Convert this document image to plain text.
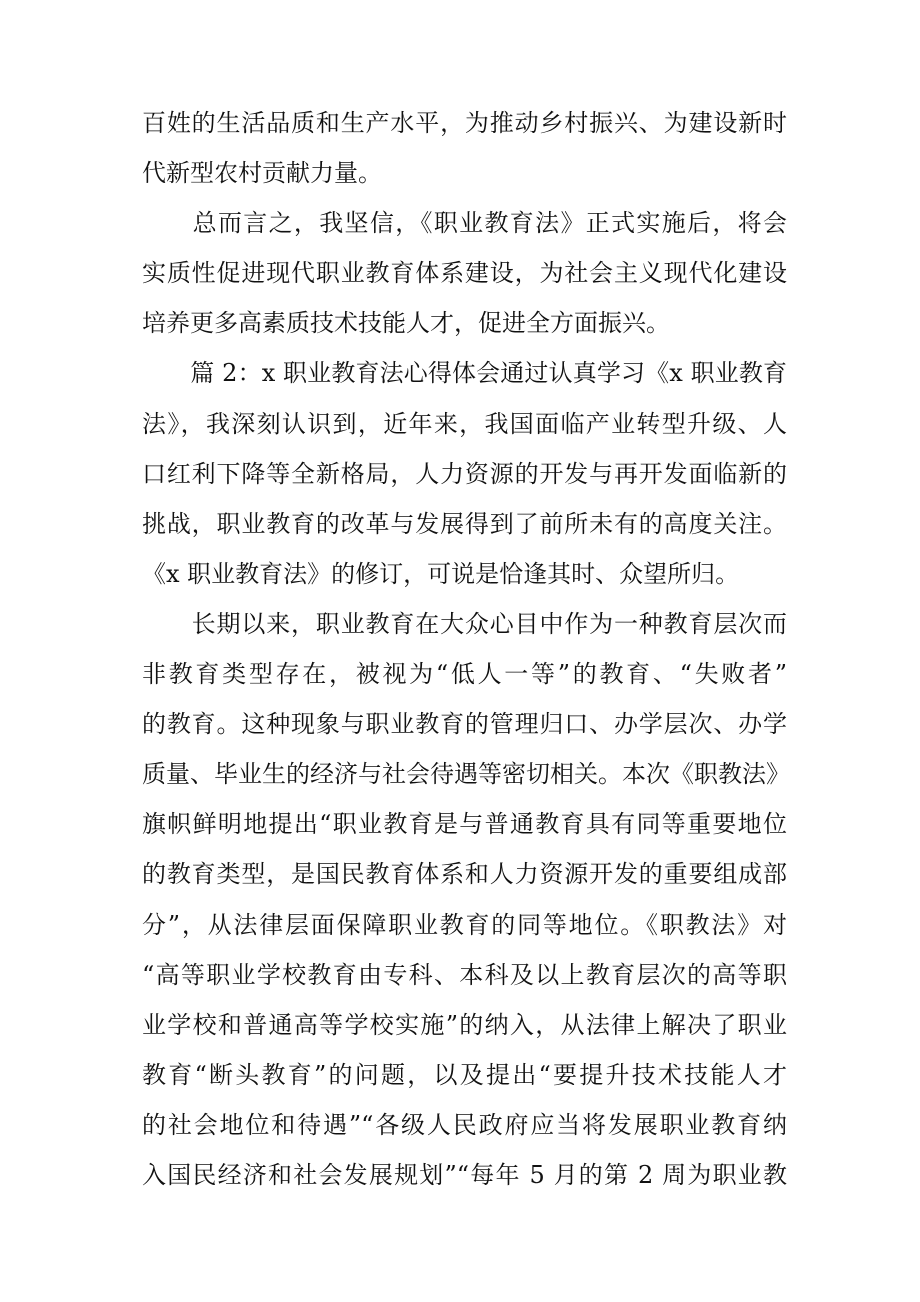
百姓的生活品质和生产水平，为推动乡村振兴、为建设新时
代新型农村贡献力量。
　　总而言之，我坚信，《职业教育法》正式实施后，将会
实质性促进现代职业教育体系建设，为社会主义现代化建设
培养更多高素质技术技能人才，促进全方面振兴。
　　篇 2：x 职业教育法心得体会通过认真学习《x 职业教育
法》，我深刻认识到，近年来，我国面临产业转型升级、人
口红利下降等全新格局，人力资源的开发与再开发面临新的
挑战，职业教育的改革与发展得到了前所未有的高度关注。
《x 职业教育法》的修订，可说是恰逢其时、众望所归。
　　长期以来，职业教育在大众心目中作为一种教育层次而
非教育类型存在，被视为“低人一等”的教育、“失败者”
的教育。这种现象与职业教育的管理归口、办学层次、办学
质量、毕业生的经济与社会待遇等密切相关。本次《职教法》
旗帜鲜明地提出“职业教育是与普通教育具有同等重要地位
的教育类型，是国民教育体系和人力资源开发的重要组成部
分”，从法律层面保障职业教育的同等地位。《职教法》对
“高等职业学校教育由专科、本科及以上教育层次的高等职
业学校和普通高等学校实施”的纳入，从法律上解决了职业
教育“断头教育”的问题，以及提出“要提升技术技能人才
的社会地位和待遇”“各级人民政府应当将发展职业教育纳
入国民经济和社会发展规划”“每年 5 月的第 2 周为职业教
